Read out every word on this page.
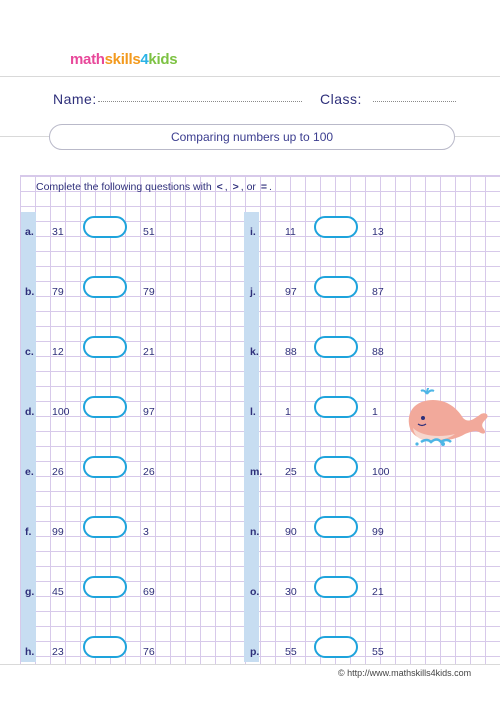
mathskills4kids
Name:	Class:
Comparing numbers up to 100
Complete the following questions with < , > , or = .
a. 31	51
b. 79	79
c. 12	21
d. 100	97
e. 26	26
f. 99	3
g. 45	69
h. 23	76
i.	11	13
j.	97	87
k. 88	88
l.	1	1
m. 25	100
n. 90	99
o. 30	21
p. 55	55
© http://www.mathskills4kids.com
